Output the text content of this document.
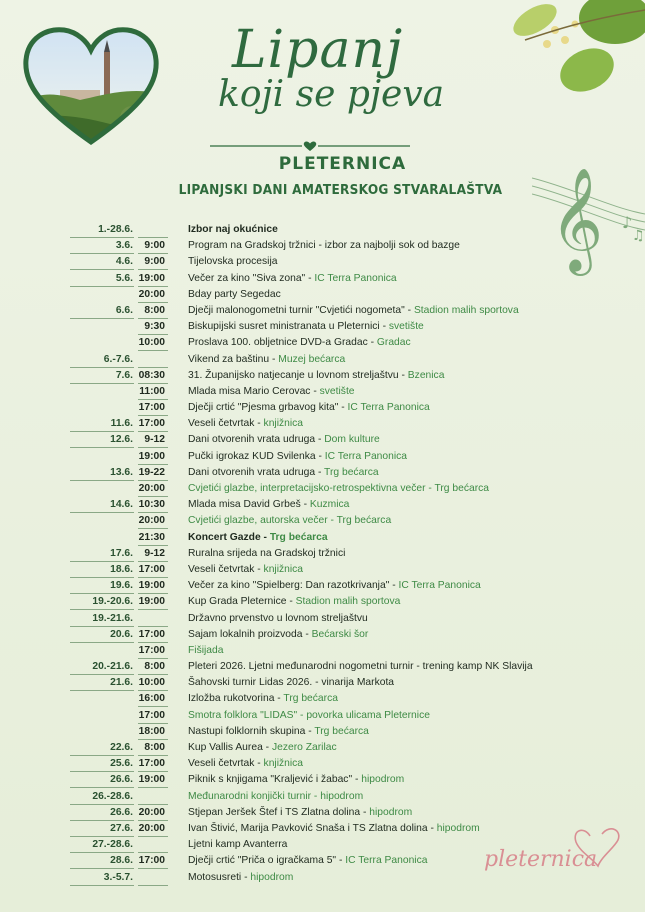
Lipanj
koji se pjeva
PLETERNICA
LIPANJSKI DANI AMATERSKOG STVARALAŠTVA 𝄞 ♪
♫
1.-28.6.	Izbor naj okućnice
3.6. 9:00 Program na Gradskoj tržnici - izbor za najbolji sok od bazge
4.6. 9:00 Tijelovska procesija
5.6. 19:00 Večer za kino "Siva zona" - IC Terra Panonica
20:00 Bday party Segedac
6.6. 8:00 Dječji malonogometni turnir "Cvjetići nogometa" - Stadion malih sportova
9:30 Biskupijski susret ministranata u Pleternici - svetište
10:00 Proslava 100. obljetnice DVD-a Gradac - Gradac
6.-7.6.	Vikend za baštinu - Muzej bećarca
7.6. 08:30 31. Županijsko natjecanje u lovnom streljaštvu - Bzenica
11:00 Mlada misa Mario Cerovac - svetište
17:00 Dječji crtić "Pjesma grbavog kita" - IC Terra Panonica
11.6. 17:00 Veseli četvrtak - knjižnica
12.6. 9-12 Dani otvorenih vrata udruga - Dom kulture
19:00 Pučki igrokaz KUD Svilenka - IC Terra Panonica
13.6. 19-22 Dani otvorenih vrata udruga - Trg bećarca
20:00 Cvjetići glazbe, interpretacijsko-retrospektivna večer - Trg bećarca
14.6. 10:30 Mlada misa David Grbeš - Kuzmica
20:00 Cvjetići glazbe, autorska večer - Trg bećarca
21:30 Koncert Gazde - Trg bećarca
17.6. 9-12 Ruralna srijeda na Gradskoj tržnici
18.6. 17:00 Veseli četvrtak - knjižnica
19.6. 19:00 Večer za kino "Spielberg: Dan razotkrivanja" - IC Terra Panonica
19.-20.6. 19:00 Kup Grada Pleternice - Stadion malih sportova
19.-21.6.	Državno prvenstvo u lovnom streljaštvu
20.6. 17:00 Sajam lokalnih proizvoda - Bećarski šor
17:00 Fišijada
20.-21.6. 8:00 Pleteri 2026. Ljetni međunarodni nogometni turnir - trening kamp NK Slavija
21.6. 10:00 Šahovski turnir Lidas 2026. - vinarija Markota
16:00 Izložba rukotvorina - Trg bećarca
17:00 Smotra folklora "LIDAS" - povorka ulicama Pleternice
18:00 Nastupi folklornih skupina - Trg bećarca
22.6. 8:00 Kup Vallis Aurea - Jezero Zarilac
25.6. 17:00 Veseli četvrtak - knjižnica
26.6. 19:00 Piknik s knjigama "Kraljević i žabac" - hipodrom
26.-28.6.	Međunarodni konjički turnir - hipodrom
26.6. 20:00 Stjepan Jeršek Štef i TS Zlatna dolina - hipodrom
27.6. 20:00 Ivan Štivić, Marija Pavković Snaša i TS Zlatna dolina - hipodrom
27.-28.6.	Ljetni kamp Avanterra
28.6. 17:00 Dječji crtić "Priča o igračkama 5" - IC Terra Panonica
3.-5.7.	Motosusreti - hipodrom
pleternica
